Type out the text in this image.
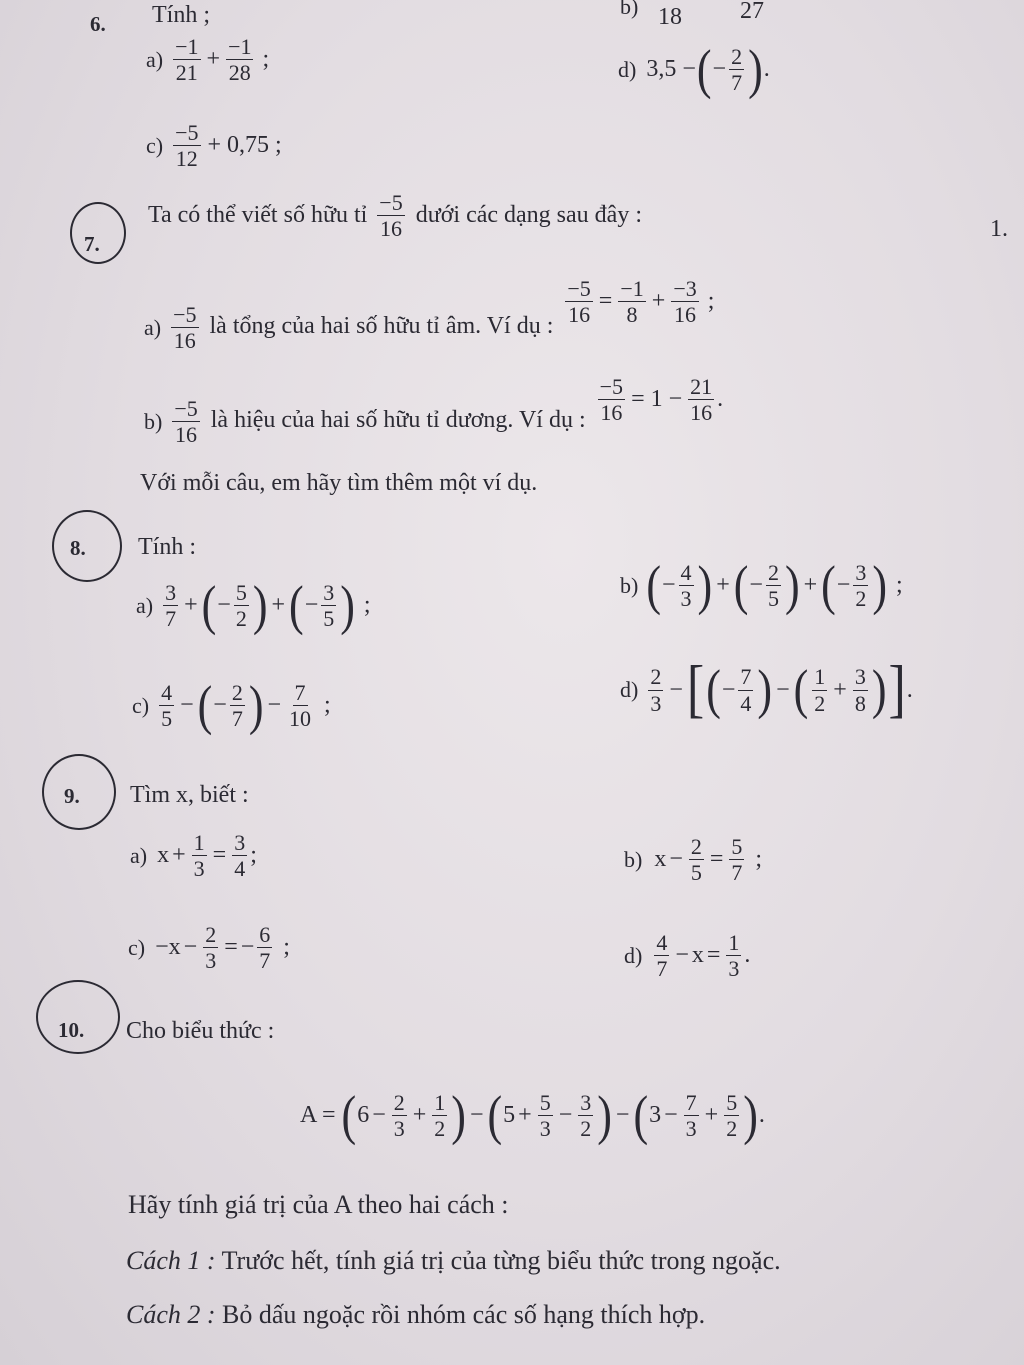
6. Tính ;	b) 18 27
$a) \frac{-1}{21} + \frac{-1}{28}$ ;	d) 3,5 − ( − $\frac{2}{7}$ ) .
$c) \frac{-5}{12} + 0,75$ ;
7.
Ta có thể viết số hữu tỉ $\frac{-5}{16}$ dưới các dạng sau đây :
1.
$a) \frac{-5}{16}$ là tổng của hai số hữu tỉ âm. Ví dụ : $\frac{-5}{16} = \frac{-1}{8} + \frac{-3}{16}$ ;
$b) \frac{-5}{16}$ là hiệu của hai số hữu tỉ dương. Ví dụ : $\frac{-5}{16} = 1 - \frac{21}{16}$ .
Với mỗi câu, em hãy tìm thêm một ví dụ.
8. Tính :
$a) \frac{3}{7}$ + ( − $\frac{5}{2}$ ) + ( − $\frac{3}{5}$ ) ;
b) ( − $\frac{4}{3}$ ) + ( − $\frac{2}{5}$ ) + ( − $\frac{3}{2}$ ) ;
$c) \frac{4}{5}$ − ( − $\frac{2}{7}$ ) − $\frac{7}{10}$ ;
$d) \frac{2}{3}$ − [ ( − $\frac{7}{4}$ ) − ( $\frac{1}{2} + \frac{3}{8}$ ) ] .
9. Tìm x, biết :
a) $x + \frac{1}{3} = \frac{3}{4}$ ;	b) $x - \frac{2}{5} = \frac{5}{7}$ ;
$c) -x - \frac{2}{3}$ = − $\frac{6}{7}$ ;	$d) \frac{4}{7} - x = \frac{1}{3}$ .
10. Cho biểu thức :
A = ( $6 - \frac{2}{3} + \frac{1}{2}$ ) − ( $5 + \frac{5}{3} - \frac{3}{2}$ ) − ( $3 - \frac{7}{3} + \frac{5}{2}$ ) .
Hãy tính giá trị của A theo hai cách :
Cách 1 : Trước hết, tính giá trị của từng biểu thức trong ngoặc.
Cách 2 : Bỏ dấu ngoặc rồi nhóm các số hạng thích hợp.
